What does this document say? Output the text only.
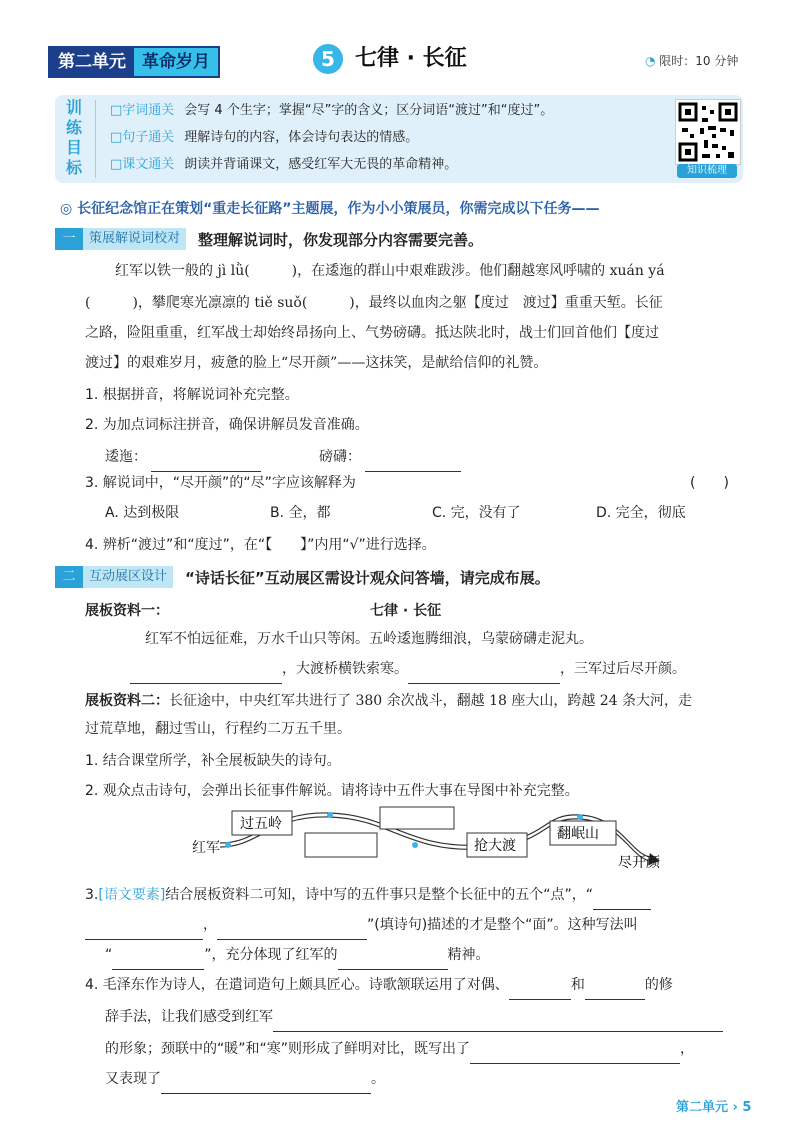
第二单元 革命岁月	5 七律 · 长征	◔ 限时：10 分钟
训练目标
□字词通关 会写 4 个生字；掌握“尽”字的含义；区分词语“渡过”和“度过”。
□句子通关 理解诗句的内容，体会诗句表达的情感。
□课文通关 朗读并背诵课文，感受红军大无畏的革命精神。	知识梳理
◎ 长征纪念馆正在策划“重走长征路”主题展，作为小小策展员，你需完成以下任务——
一	策展解说词校对	整理解说词时，你发现部分内容需要完善。
红军以铁一般的 jì lǜ(　　　)，在逶迤的群山中艰难跋涉。他们翻越寒风呼啸的 xuán yá
(　　　)，攀爬寒光凛凛的 tiě suǒ(　　　)，最终以血肉之躯【度过　渡过】重重天堑。长征
之路，险阻重重，红军战士却始终昂扬向上、气势磅礴。抵达陕北时，战士们回首他们【度过
渡过】的艰难岁月，疲惫的脸上“尽开颜”——这抹笑，是献给信仰的礼赞。
1. 根据拼音，将解说词补充完整。
2. 为加点词标注拼音，确保讲解员发音准确。
逶迤：	磅礴：
3. 解说词中，“尽开颜”的“尽”字应该解释为	(　　)
A. 达到极限	B. 全，都	C. 完，没有了	D. 完全，彻底
4. 辨析“渡过”和“度过”，在“【　　】”内用“√”进行选择。
二	互动展区设计	“诗话长征”互动展区需设计观众问答墙，请完成布展。
展板资料一：	七律 · 长征
红军不怕远征难，万水千山只等闲。五岭逶迤腾细浪，乌蒙磅礴走泥丸。
，大渡桥横铁索寒。	，三军过后尽开颜。
展板资料二：长征途中，中央红军共进行了 380 余次战斗，翻越 18 座大山，跨越 24 条大河，走
过荒草地，翻过雪山，行程约二万五千里。
1. 结合课堂所学，补全展板缺失的诗句。
2. 观众点击诗句，会弹出长征事件解说。请将诗中五件大事在导图中补充完整。
红军
过五岭
抢大渡
翻岷山
尽开颜
3. [语文要素] 结合展板资料二可知，诗中写的五件事只是整个长征中的五个“点”，“
，	”(填诗句)描述的才是整个“面”。这种写法叫
“	”，充分体现了红军的	精神。
4. 毛泽东作为诗人，在遣词造句上颇具匠心。诗歌颔联运用了对偶、	和	的修
辞手法，让我们感受到红军
的形象；颈联中的“暖”和“寒”则形成了鲜明对比，既写出了	，
又表现了	。
第二单元 › 5
